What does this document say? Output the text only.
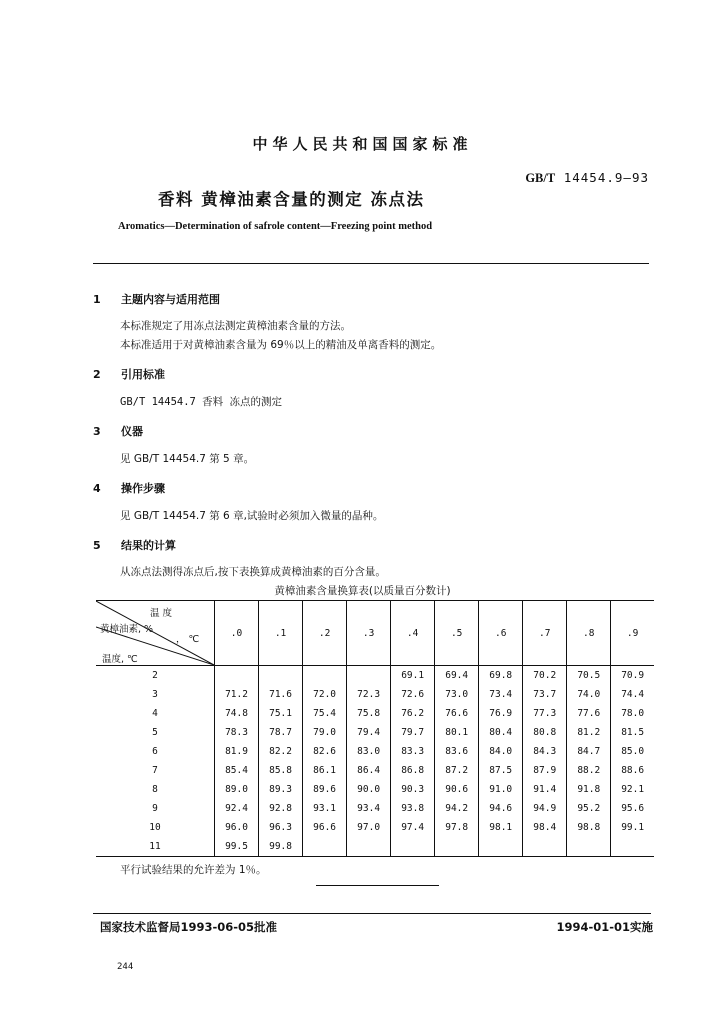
中华人民共和国国家标准
GB/T 14454.9—93
香料 黄樟油素含量的测定 冻点法
Aromatics—Determination of safrole content—Freezing point method
1 主题内容与适用范围
本标准规定了用冻点法测定黄樟油素含量的方法。
本标准适用于对黄樟油素含量为 69％以上的精油及单离香料的测定。
2 引用标准
GB/T 14454.7 香料 冻点的测定
3 仪器
见 GB/T 14454.7 第 5 章。
4 操作步骤
见 GB/T 14454.7 第 6 章,试验时必须加入微量的晶种。
5 结果的计算
从冻点法测得冻点后,按下表换算成黄樟油素的百分含量。
黄樟油素含量换算表(以质量百分数计)
温 度
黄樟油素, %
， ℃
温度, ℃	.0	.1	.2	.3	.4	.5	.6	.7	.8	.9
2					69.1	69.4	69.8	70.2	70.5	70.9
3	71.2	71.6	72.0	72.3	72.6	73.0	73.4	73.7	74.0	74.4
4	74.8	75.1	75.4	75.8	76.2	76.6	76.9	77.3	77.6	78.0
5	78.3	78.7	79.0	79.4	79.7	80.1	80.4	80.8	81.2	81.5
6	81.9	82.2	82.6	83.0	83.3	83.6	84.0	84.3	84.7	85.0
7	85.4	85.8	86.1	86.4	86.8	87.2	87.5	87.9	88.2	88.6
8	89.0	89.3	89.6	90.0	90.3	90.6	91.0	91.4	91.8	92.1
9	92.4	92.8	93.1	93.4	93.8	94.2	94.6	94.9	95.2	95.6
10	96.0	96.3	96.6	97.0	97.4	97.8	98.1	98.4	98.8	99.1
11	99.5	99.8								
平行试验结果的允许差为 1％。
国家技术监督局1993-06-05批准	1994-01-01实施
244
